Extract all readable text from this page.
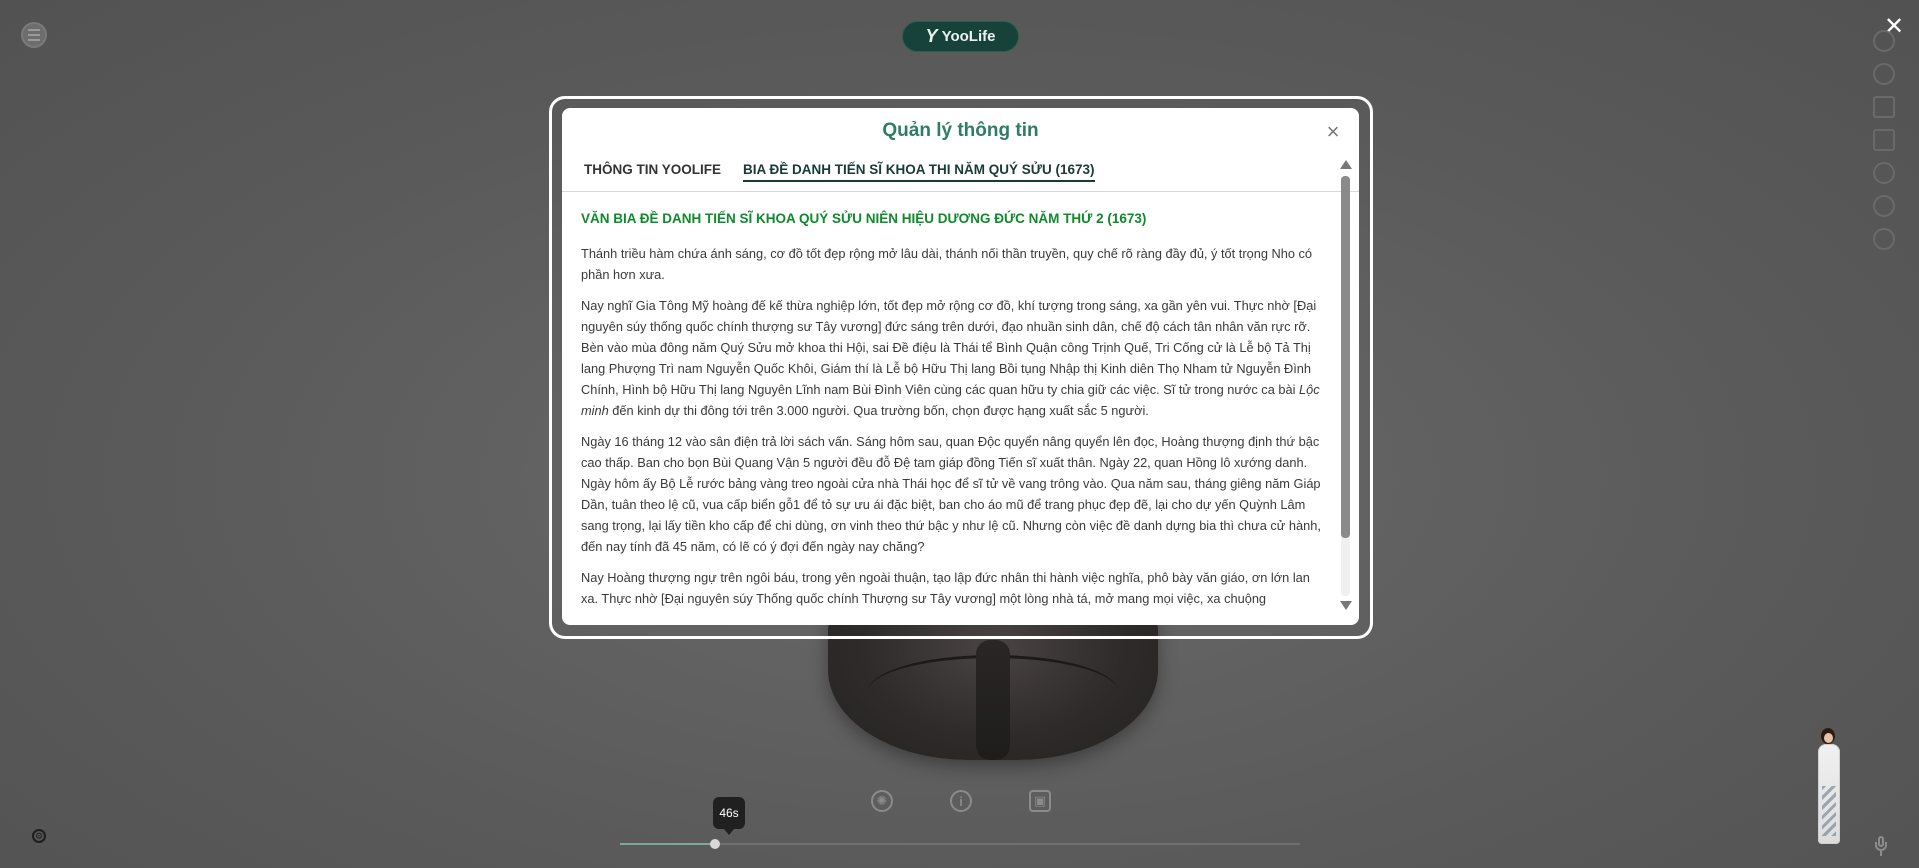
Y YooLife	✕
Quản lý thông tin	×
THÔNG TIN YOOLIFE BIA ĐỀ DANH TIẾN SĨ KHOA THI NĂM QUÝ SỬU (1673)
VĂN BIA ĐỀ DANH TIẾN SĨ KHOA QUÝ SỬU NIÊN HIỆU DƯƠNG ĐỨC NĂM THỨ 2 (1673)

Thánh triều hàm chứa ánh sáng, cơ đồ tốt đẹp rộng mở lâu dài, thánh nối thần truyền, quy chế rõ ràng đầy đủ, ý tốt trọng Nho có phần hơn xưa.

Nay nghĩ Gia Tông Mỹ hoàng đế kế thừa nghiệp lớn, tốt đẹp mở rộng cơ đồ, khí tượng trong sáng, xa gần yên vui. Thực nhờ [Đại nguyên súy thống quốc chính thượng sư Tây vương] đức sáng trên dưới, đạo nhuần sinh dân, chế độ cách tân nhân văn rực rỡ. Bèn vào mùa đông năm Quý Sửu mở khoa thi Hội, sai Đề điệu là Thái tể Bình Quận công Trịnh Quế, Tri Cống cử là Lễ bộ Tả Thị lang Phượng Trì nam Nguyễn Quốc Khôi, Giám thí là Lễ bộ Hữu Thị lang Bồi tụng Nhập thị Kinh diên Thọ Nham tử Nguyễn Đình Chính, Hình bộ Hữu Thị lang Nguyên Lĩnh nam Bùi Đình Viên cùng các quan hữu ty chia giữ các việc. Sĩ tử trong nước ca bài Lộc minh đến kinh dự thi đông tới trên 3.000 người. Qua trường bốn, chọn được hạng xuất sắc 5 người.

Ngày 16 tháng 12 vào sân điện trả lời sách vấn. Sáng hôm sau, quan Độc quyển nâng quyển lên đọc, Hoàng thượng định thứ bậc cao thấp. Ban cho bọn Bùi Quang Vận 5 người đều đỗ Đệ tam giáp đồng Tiến sĩ xuất thân. Ngày 22, quan Hồng lô xướng danh. Ngày hôm ấy Bộ Lễ rước bảng vàng treo ngoài cửa nhà Thái học để sĩ tử về vang trông vào. Qua năm sau, tháng giêng năm Giáp Dần, tuân theo lệ cũ, vua cấp biển gỗ1 để tỏ sự ưu ái đặc biệt, ban cho áo mũ để trang phục đẹp đẽ, lại cho dự yến Quỳnh Lâm sang trọng, lại lấy tiền kho cấp để chi dùng, ơn vinh theo thứ bậc y như lệ cũ. Nhưng còn việc đề danh dựng bia thì chưa cử hành, đến nay tính đã 45 năm, có lẽ có ý đợi đến ngày nay chăng?

Nay Hoàng thượng ngự trên ngôi báu, trong yên ngoài thuận, tạo lập đức nhân thi hành việc nghĩa, phô bày văn giáo, ơn lớn lan xa. Thực nhờ [Đại nguyên súy Thống quốc chính Thượng sư Tây vương] một lòng nhà tá, mở mang mọi việc, xa chuộng

✺	i	▣
46s
⚙
